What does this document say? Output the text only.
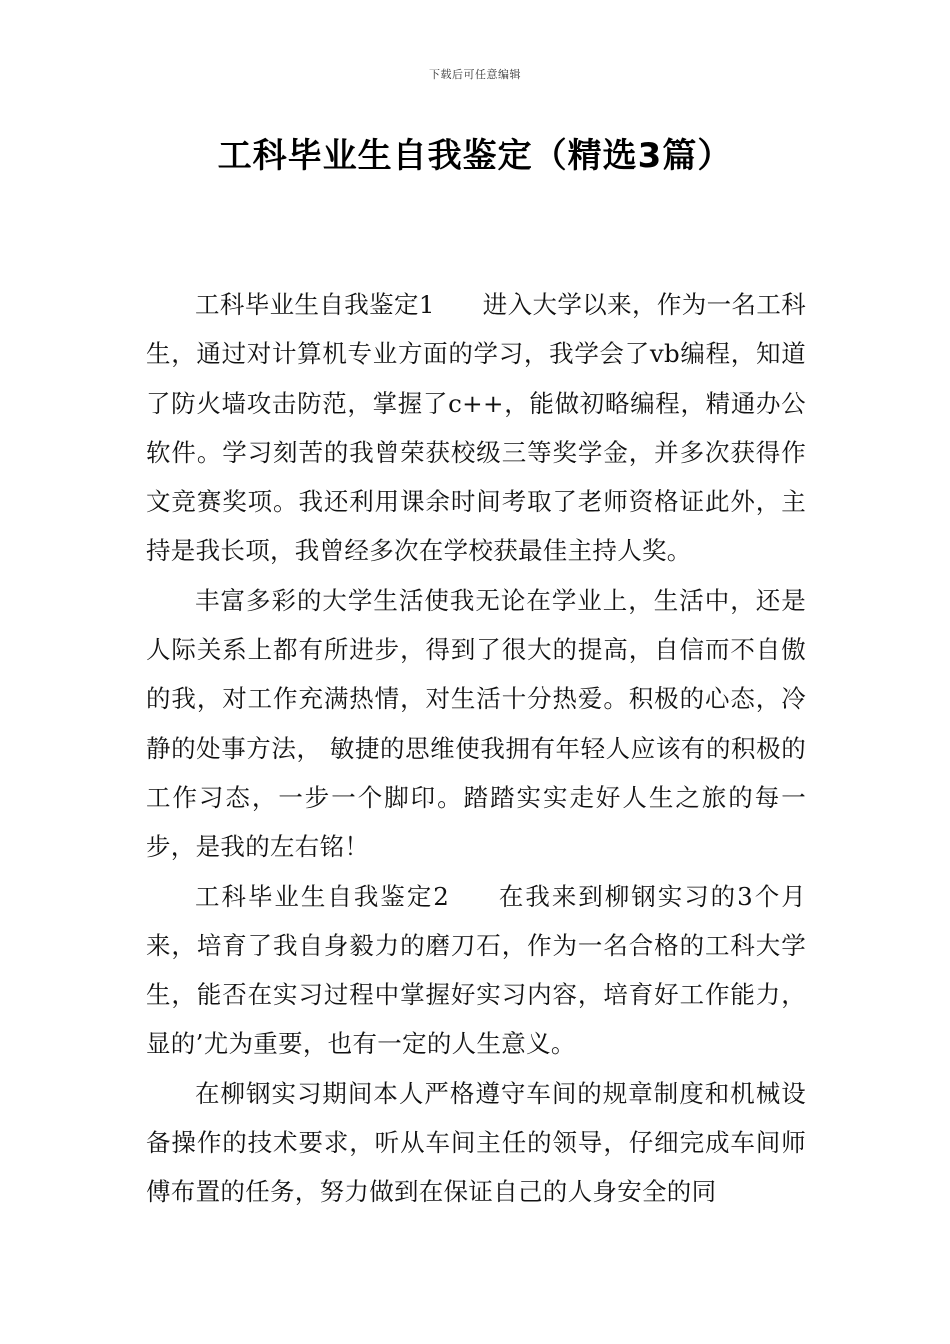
下载后可任意编辑
工科毕业生自我鉴定（精选3篇）

工科毕业生自我鉴定1 进入大学以来，作为一名工科生，通过对计算机专业方面的学习，我学会了vb编程，知道了防火墙攻击防范，掌握了c++，能做初略编程，精通办公软件。学习刻苦的我曾荣获校级三等奖学金，并多次获得作文竞赛奖项。我还利用课余时间考取了老师资格证此外，主持是我长项，我曾经多次在学校获最佳主持人奖。

丰富多彩的大学生活使我无论在学业上，生活中，还是人际关系上都有所进步，得到了很大的提高，自信而不自傲的我，对工作充满热情，对生活十分热爱。积极的心态，冷静的处事方法， 敏捷的思维使我拥有年轻人应该有的积极的工作习态，一步一个脚印。踏踏实实走好人生之旅的每一步，是我的左右铭！

工科毕业生自我鉴定2 在我来到柳钢实习的3个月来，培育了我自身毅力的磨刀石，作为一名合格的工科大学生，能否在实习过程中掌握好实习内容，培育好工作能力，显的’尤为重要，也有一定的人生意义。

在柳钢实习期间本人严格遵守车间的规章制度和机械设备操作的技术要求，听从车间主任的领导，仔细完成车间师傅布置的任务，努力做到在保证自己的人身安全的同
